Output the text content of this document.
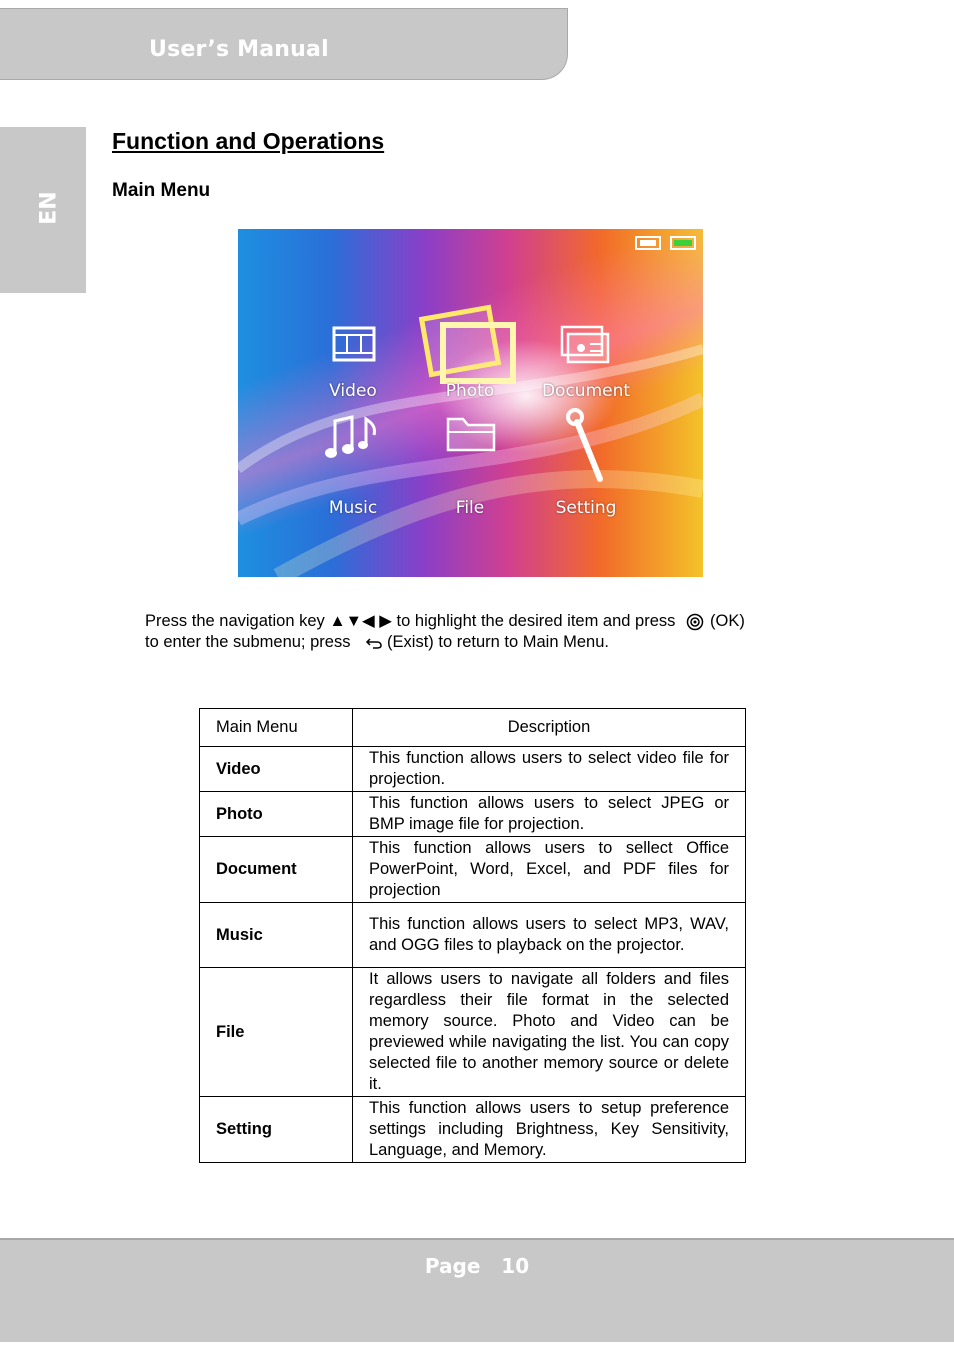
User’s Manual
EN
Function and Operations
Main Menu
Video	Photo	Document
Music	File	Setting
Press the navigation key ▲▼◀ ▶ to highlight the desired item and press (OK)
to enter the submenu; press (Exist) to return to Main Menu.
Main Menu	Description
Video	This function allows users to select video file for projection.
Photo	This function allows users to select JPEG or BMP image file for projection.
Document	This function allows users to sellect Office PowerPoint, Word, Excel, and PDF files for projection
Music	This function allows users to select MP3, WAV, and OGG files to playback on the projector.
File	It allows users to navigate all folders and files regardless their file format in the selected memory source. Photo and Video can be previewed while navigating the list. You can copy selected file to another memory source or delete it.
Setting	This function allows users to setup preference settings including Brightness, Key Sensitivity, Language, and Memory.
Page   10
